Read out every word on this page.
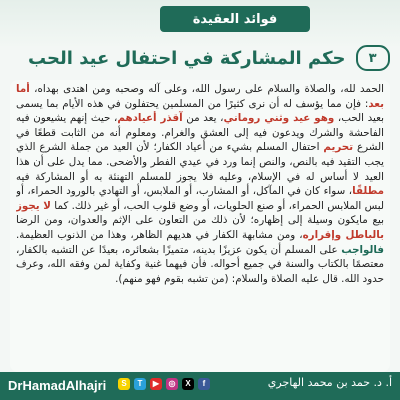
فوائد العقيدة
حكم المشاركة في احتفال عيد الحب	٣
الحمد لله، والصلاة والسلام على رسول الله، وعلى آله وصحبه ومن اهتدى بهداه، أما بعد: فإن مما يؤسف له أن نرى كثيرًا من المسلمين يحتفلون في هذه الأيام بما يسمى بعيد الحب، وهو عيد وثني روماني، يعد من آقذر أعيادهم، حيث إنهم يشيعون فيه الفاحشة والشرك ويدعون فيه إلى العشق والغرام. ومعلوم أنه من الثابت قطعًا في الشرع تحريم احتفال المسلم بشيء من أعياد الكفار؛ لأن العيد من جملة الشرع الذي يجب التقيد فيه بالنص، والنص إنما ورد في عيدي الفطر والأضحى. مما يدل على أن هذا العيد لا أساس له في الإسلام، وعليه فلا يجوز للمسلم التهنئة به أو المشاركة فيه مطلقًا، سواء كان في المآكل، أو المشارب، أو الملابس، أو التهادي بالورود الحمراء، أو لبس الملابس الحمراء، أو صنع الحلويات، أو وضع قلوب الحب، أو غير ذلك. كما لا يجوز بيع مايكون وسيلة إلى إظهاره؛ لأن ذلك من التعاون على الإثم والعدوان، ومن الرضا بالباطل وإقراره، ومن مشابهة الكفار في هديهم الظاهر، وهذا من الذنوب العظيمة. فالواجب على المسلم أن يكون عزيزًا بدينه، متميزًا بشعائره، بعيدًا عن التشبه بالكفار، معتصمًا بالكتاب والسنة في جميع أحواله. فأن فيهما غنية وكفاية لمن وفقه الله، وعرف حدود الله. قال عليه الصلاة والسلام: (من تشبه بقوم فهو منهم).
DrHamadAlhajri	S	T	▶	◎	X	f	أ. د. حمد بن محمد الهاجري
